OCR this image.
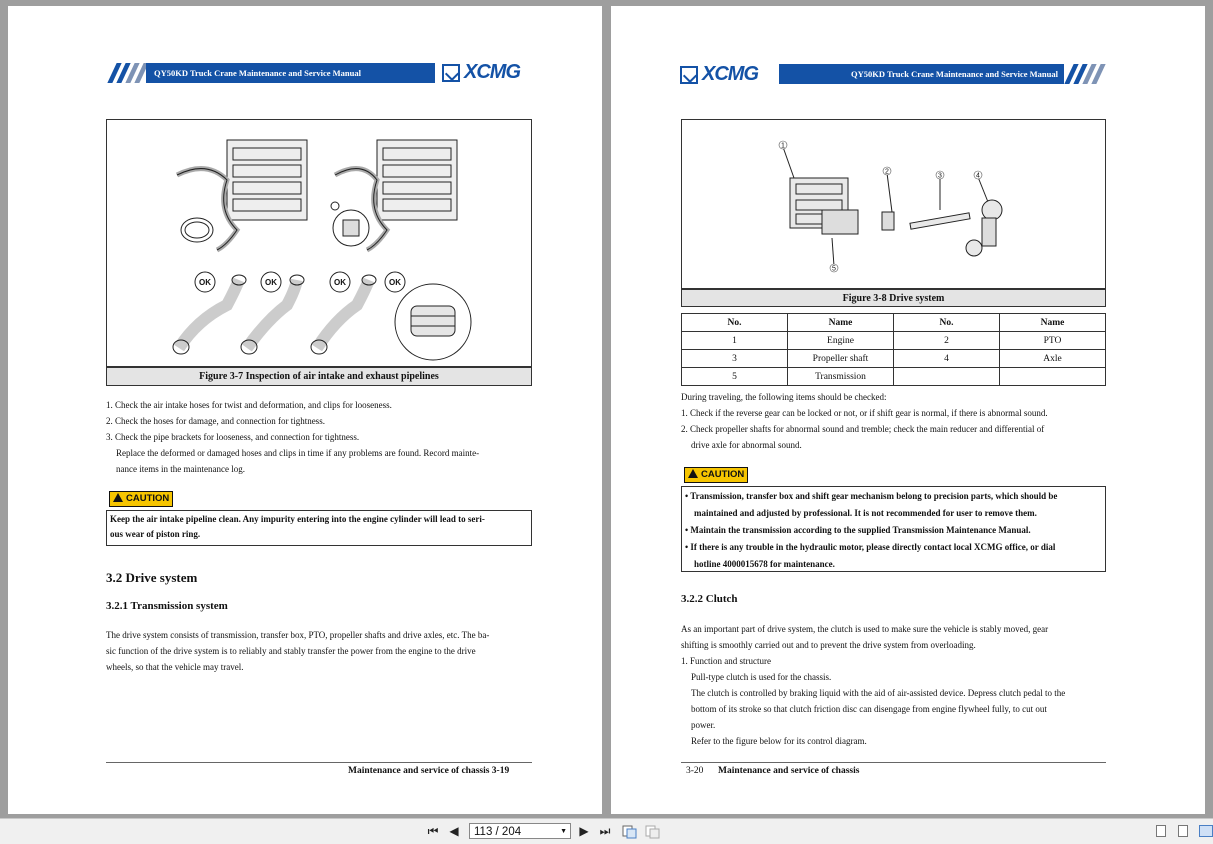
QY50KD Truck Crane Maintenance and Service Manual	XCMG
OK	OK	OK	OK
Figure 3-7 Inspection of air intake and exhaust pipelines
1. Check the air intake hoses for twist and deformation, and clips for looseness.
2. Check the hoses for damage, and connection for tightness.
3. Check the pipe brackets for looseness, and connection for tightness.
Replace the deformed or damaged hoses and clips in time if any problems are found. Record mainte-
nance items in the maintenance log.
CAUTION
Keep the air intake pipeline clean. Any impurity entering into the engine cylinder will lead to seri-
ous wear of piston ring.
3.2 Drive system
3.2.1 Transmission system
The drive system consists of transmission, transfer box, PTO, propeller shafts and drive axles, etc. The ba-
sic function of the drive system is to reliably and stably transfer the power from the engine to the drive
wheels, so that the vehicle may travel.
Maintenance and service of chassis 3-19
XCMG	QY50KD Truck Crane Maintenance and Service Manual
1
2
3	4
5
Figure 3-8 Drive system
No.	Name	No.	Name
1	Engine	2	PTO
3	Propeller shaft	4	Axle
5	Transmission		
During traveling, the following items should be checked:
1. Check if the reverse gear can be locked or not, or if shift gear is normal, if there is abnormal sound.
2. Check propeller shafts for abnormal sound and tremble; check the main reducer and differential of
drive axle for abnormal sound.
CAUTION
• Transmission, transfer box and shift gear mechanism belong to precision parts, which should be
maintained and adjusted by professional. It is not recommended for user to remove them.
• Maintain the transmission according to the supplied Transmission Maintenance Manual.
• If there is any trouble in the hydraulic motor, please directly contact local XCMG office, or dial
hotline 4000015678 for maintenance.
3.2.2 Clutch
As an important part of drive system, the clutch is used to make sure the vehicle is stably moved, gear
shifting is smoothly carried out and to prevent the drive system from overloading.
1. Function and structure
Pull-type clutch is used for the chassis.
The clutch is controlled by braking liquid with the aid of air-assisted device. Depress clutch pedal to the
bottom of its stroke so that clutch friction disc can disengage from engine flywheel fully, to cut out
power.
Refer to the figure below for its control diagram.
3-20 Maintenance and service of chassis
⏮ ◀	113 / 204	▼ ▶ ⏭
